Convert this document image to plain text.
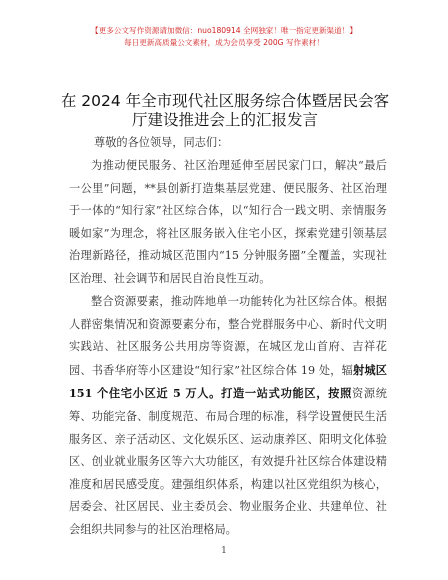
【更多公文写作资源请加微信：nuo180914 全网独家！唯一指定更新渠道！】
每日更新高质量公文素材，成为会员享受 200G 写作素材！
在 2024 年全市现代社区服务综合体暨居民会客
厅建设推进会上的汇报发言
尊敬的各位领导，同志们：

为推动便民服务、社区治理延伸至居民家门口，解决“最后一公里”问题，**县创新打造集基层党建、便民服务、社区治理于一体的“知行家”社区综合体，以“知行合一践文明、亲情服务暖如家”为理念，将社区服务嵌入住宅小区，探索党建引领基层治理新路径，推动城区范围内“15 分钟服务圈”全覆盖，实现社区治理、社会调节和居民自治良性互动。

整合资源要素，推动阵地单一功能转化为社区综合体。根据人群密集情况和资源要素分布，整合党群服务中心、新时代文明实践站、社区服务公共用房等资源，在城区龙山首府、吉祥花园、书香华府等小区建设“知行家”社区综合体 19 处，辐射城区 151 个住宅小区近 5 万人。打造一站式功能区，按照资源统筹、功能完备、制度规范、布局合理的标准，科学设置便民生活服务区、亲子活动区、文化娱乐区、运动康养区、阳明文化体验区、创业就业服务区等六大功能区，有效提升社区综合体建设精准度和居民感受度。建强组织体系，构建以社区党组织为核心，居委会、社区居民、业主委员会、物业服务企业、共建单位、社会组织共同参与的社区治理格局。

1
